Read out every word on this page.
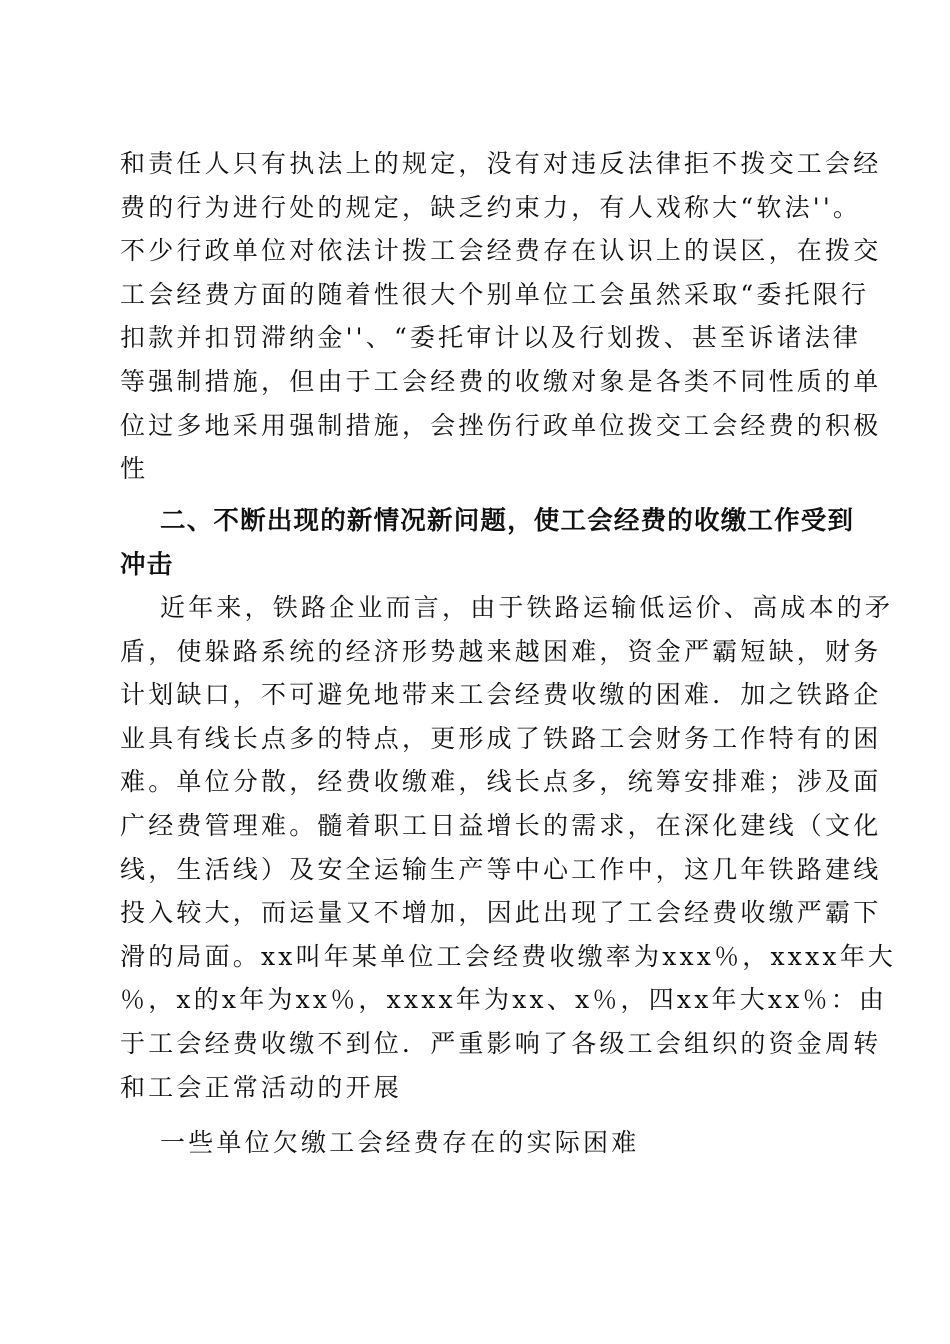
和责任人只有执法上的规定，没有对违反法律拒不拨交工会经
费的行为进行处的规定，缺乏约束力，有人戏称大“软法''。
不少行政单位对依法计拨工会经费存在认识上的误区，在拨交
工会经费方面的随着性很大个别单位工会虽然采取“委托限行
扣款并扣罚滞纳金''、“委托审计以及行划拨、甚至诉诸法律
等强制措施，但由于工会经费的收缴对象是各类不同性质的单
位过多地采用强制措施，会挫伤行政单位拨交工会经费的积极
性
二、不断出现的新情况新问题，使工会经费的收缴工作受到
冲击
近年来，铁路企业而言，由于铁路运输低运价、高成本的矛
盾，使躲路系统的经济形势越来越困难，资金严霸短缺，财务
计划缺口，不可避免地带来工会经费收缴的困难．加之铁路企
业具有线长点多的特点，更形成了铁路工会财务工作特有的困
难。单位分散，经费收缴难，线长点多，统筹安排难；涉及面
广经费管理难。髓着职工日益增长的需求，在深化建线（文化
线，生活线）及安全运输生产等中心工作中，这几年铁路建线
投入较大，而运量又不增加，因此出现了工会经费收缴严霸下
滑的局面。xx叫年某单位工会经费收缴率为xxx％，xxxx年大
％，x的x年为xx％，xxxx年为xx、x％，四xx年大xx％：由
于工会经费收缴不到位．严重影响了各级工会组织的资金周转
和工会正常活动的开展
一些单位欠缴工会经费存在的实际困难
